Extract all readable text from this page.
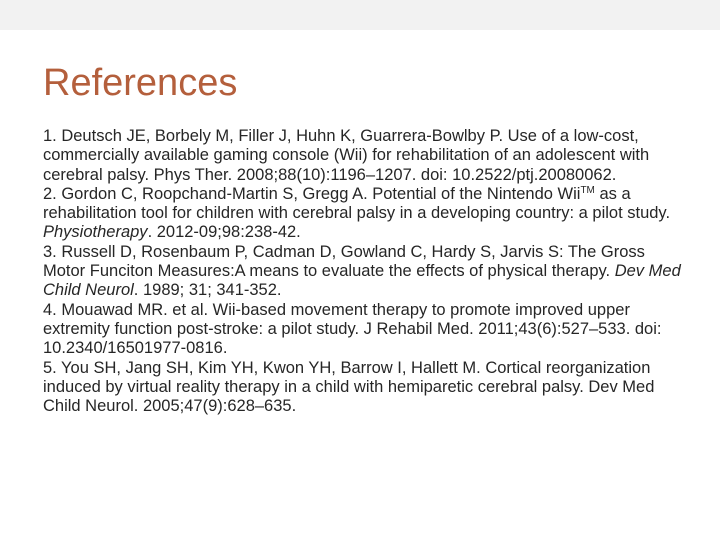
References

1. Deutsch JE, Borbely M, Filler J, Huhn K, Guarrera-Bowlby P. Use of a low-cost, commercially available gaming console (Wii) for rehabilitation of an adolescent with cerebral palsy. Phys Ther. 2008;88(10):1196–1207. doi: 10.2522/ptj.20080062.

2. Gordon C, Roopchand-Martin S, Gregg A. Potential of the Nintendo Wii™ as a rehabilitation tool for children with cerebral palsy in a developing country: a pilot study. Physiotherapy. 2012-09;98:238-42.

3. Russell D, Rosenbaum P, Cadman D, Gowland C, Hardy S, Jarvis S: The Gross Motor Funciton Measures:A means to evaluate the effects of physical therapy. Dev Med Child Neurol. 1989; 31; 341-352.

4. Mouawad MR. et al. Wii-based movement therapy to promote improved upper extremity function post-stroke: a pilot study. J Rehabil Med. 2011;43(6):527–533. doi: 10.2340/16501977-0816.

5. You SH, Jang SH, Kim YH, Kwon YH, Barrow I, Hallett M. Cortical reorganization induced by virtual reality therapy in a child with hemiparetic cerebral palsy. Dev Med Child Neurol. 2005;47(9):628–635.
